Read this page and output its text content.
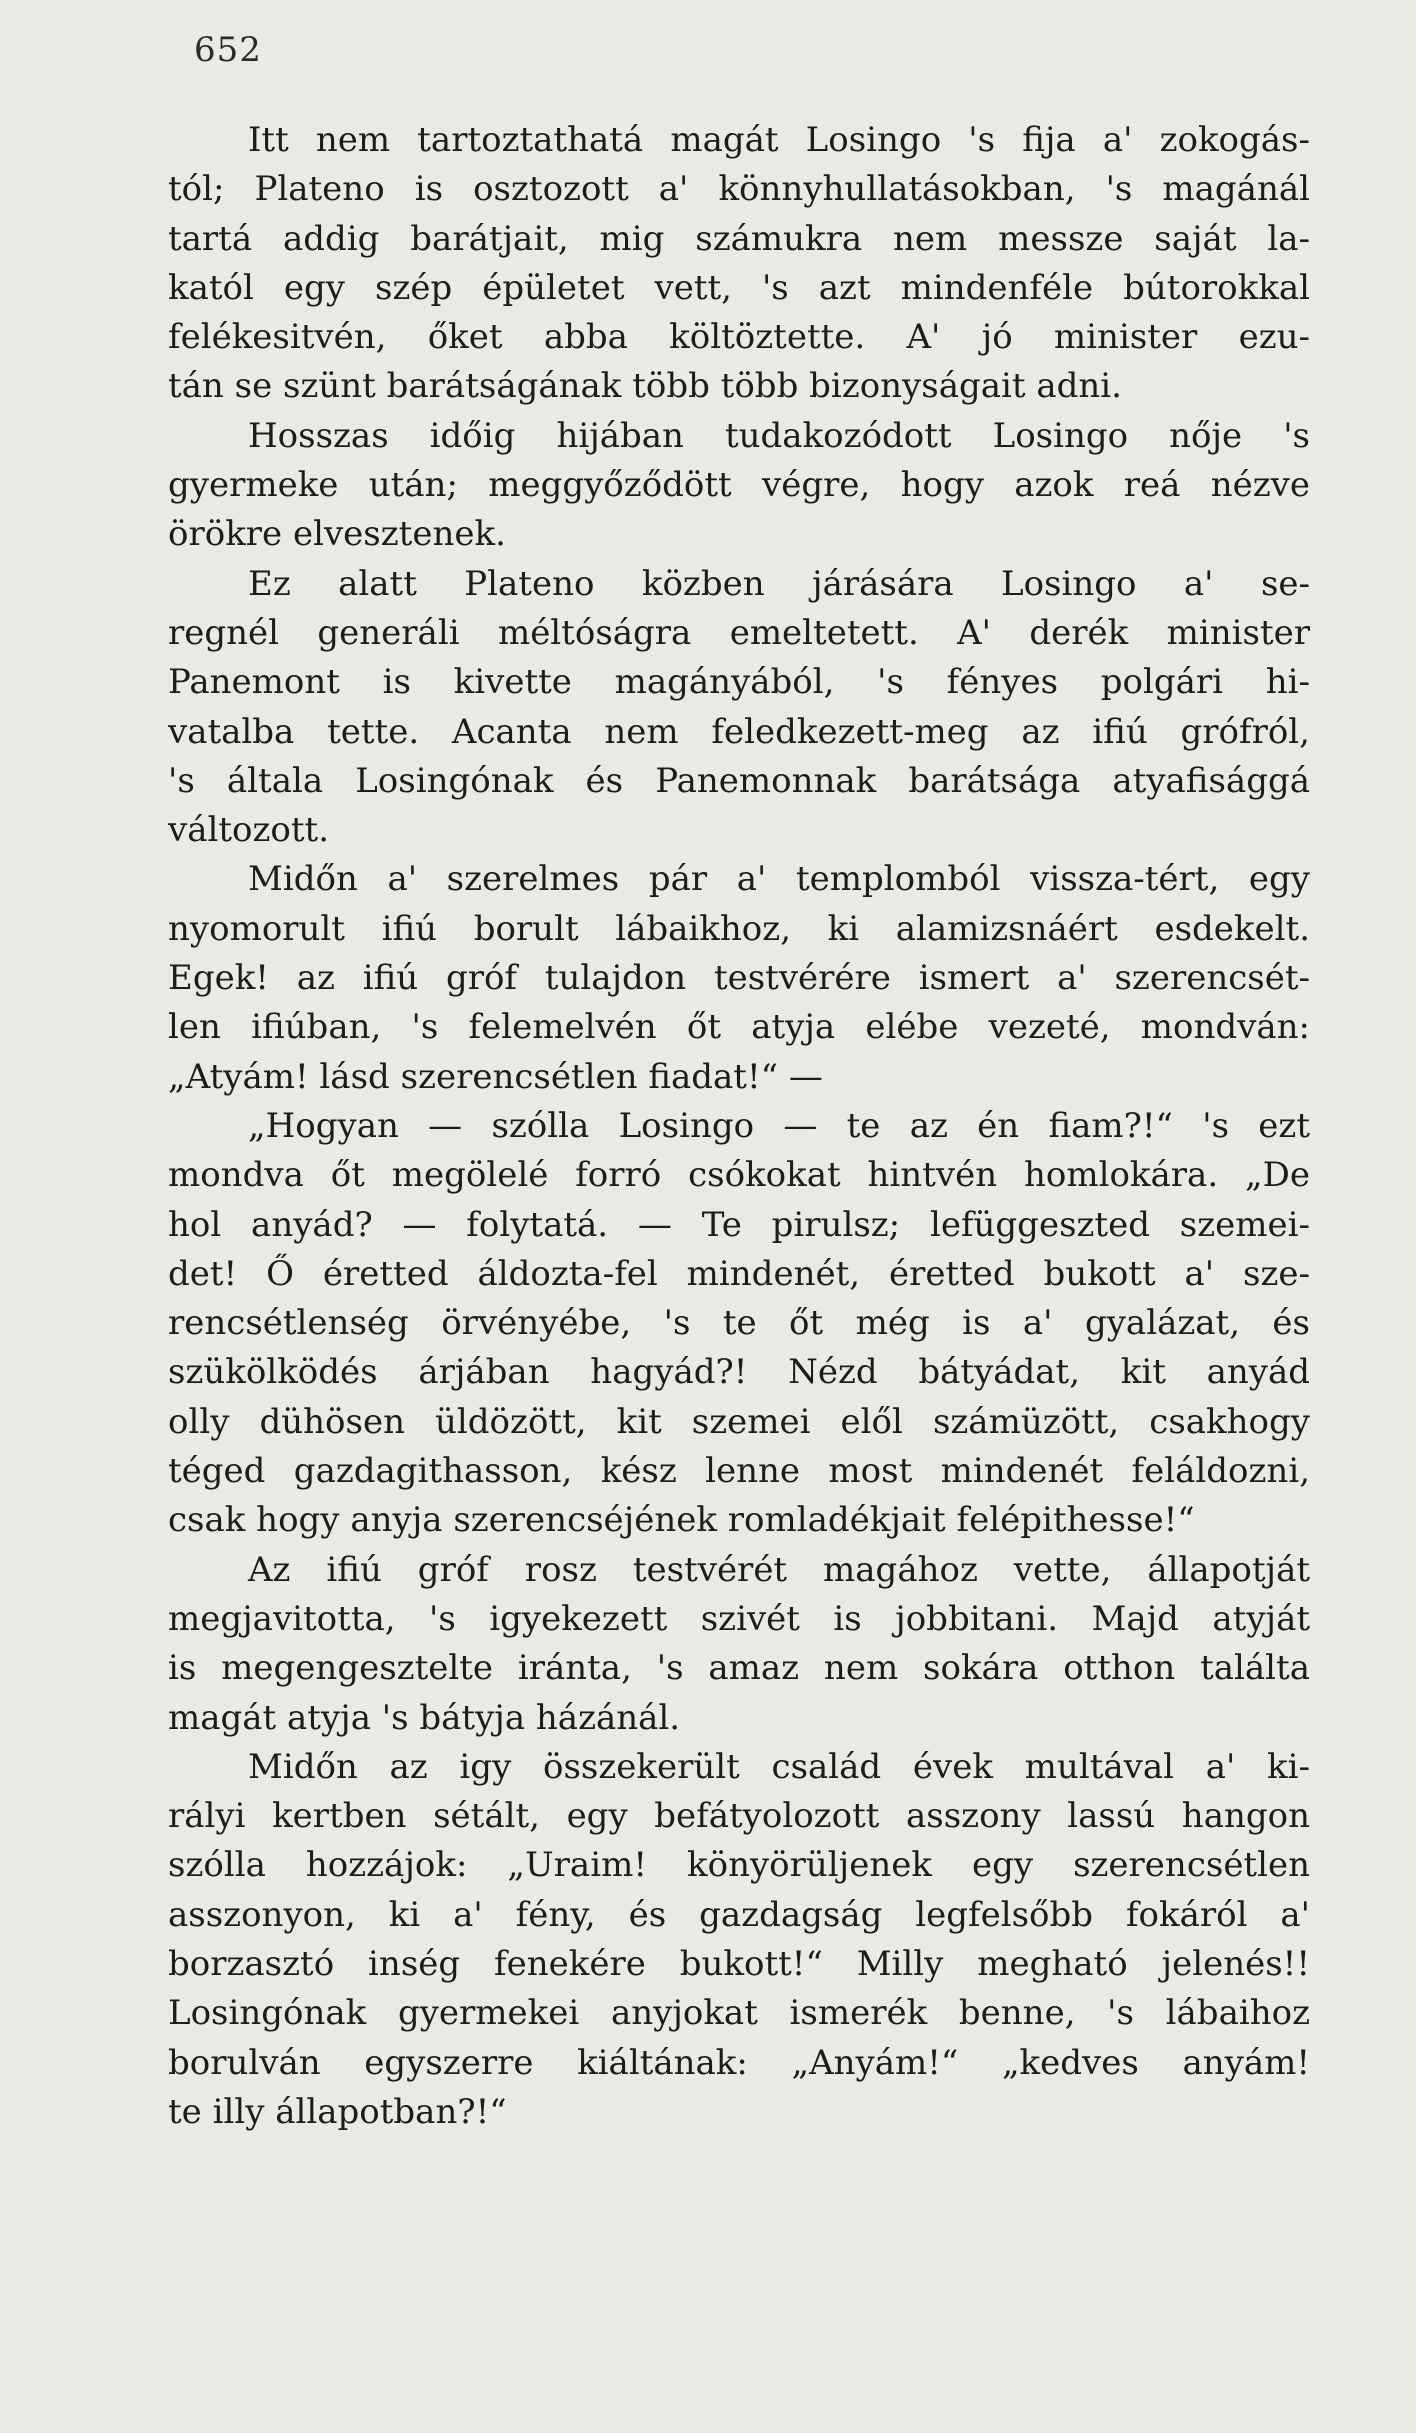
652
Itt nem tartoztathatá magát Losingo 's fija a' zokogás-
tól; Plateno is osztozott a' könnyhullatásokban, 's magánál
tartá addig barátjait, mig számukra nem messze saját la-
katól egy szép épületet vett, 's azt mindenféle bútorokkal
felékesitvén, őket abba költöztette. A' jó minister ezu-
tán se szünt barátságának több több bizonyságait adni.
Hosszas időig hijában tudakozódott Losingo nője 's
gyermeke után; meggyőződött végre, hogy azok reá nézve
örökre elvesztenek.
Ez alatt Plateno közben járására Losingo a' se-
regnél generáli méltóságra emeltetett. A' derék minister
Panemont is kivette magányából, 's fényes polgári hi-
vatalba tette. Acanta nem feledkezett-meg az ifiú grófról,
's általa Losingónak és Panemonnak barátsága atyafisággá
változott.
Midőn a' szerelmes pár a' templomból vissza-tért, egy
nyomorult ifiú borult lábaikhoz, ki alamizsnáért esdekelt.
Egek! az ifiú gróf tulajdon testvérére ismert a' szerencsét-
len ifiúban, 's felemelvén őt atyja elébe vezeté, mondván:
„Atyám! lásd szerencsétlen fiadat!“ —
„Hogyan — szólla Losingo — te az én fiam?!“ 's ezt
mondva őt megölelé forró csókokat hintvén homlokára. „De
hol anyád? — folytatá. — Te pirulsz; lefüggeszted szemei-
det! Ő éretted áldozta-fel mindenét, éretted bukott a' sze-
rencsétlenség örvényébe, 's te őt még is a' gyalázat, és
szükölködés árjában hagyád?! Nézd bátyádat, kit anyád
olly dühösen üldözött, kit szemei elől számüzött, csakhogy
téged gazdagithasson, kész lenne most mindenét feláldozni,
csak hogy anyja szerencséjének romladékjait felépithesse!“
Az ifiú gróf rosz testvérét magához vette, állapotját
megjavitotta, 's igyekezett szivét is jobbitani. Majd atyját
is megengesztelte iránta, 's amaz nem sokára otthon találta
magát atyja 's bátyja házánál.
Midőn az igy összekerült család évek multával a' ki-
rályi kertben sétált, egy befátyolozott asszony lassú hangon
szólla hozzájok: „Uraim! könyörüljenek egy szerencsétlen
asszonyon, ki a' fény, és gazdagság legfelsőbb fokáról a'
borzasztó inség fenekére bukott!“ Milly megható jelenés!!
Losingónak gyermekei anyjokat ismerék benne, 's lábaihoz
borulván egyszerre kiáltának: „Anyám!“ „kedves anyám!
te illy állapotban?!“
